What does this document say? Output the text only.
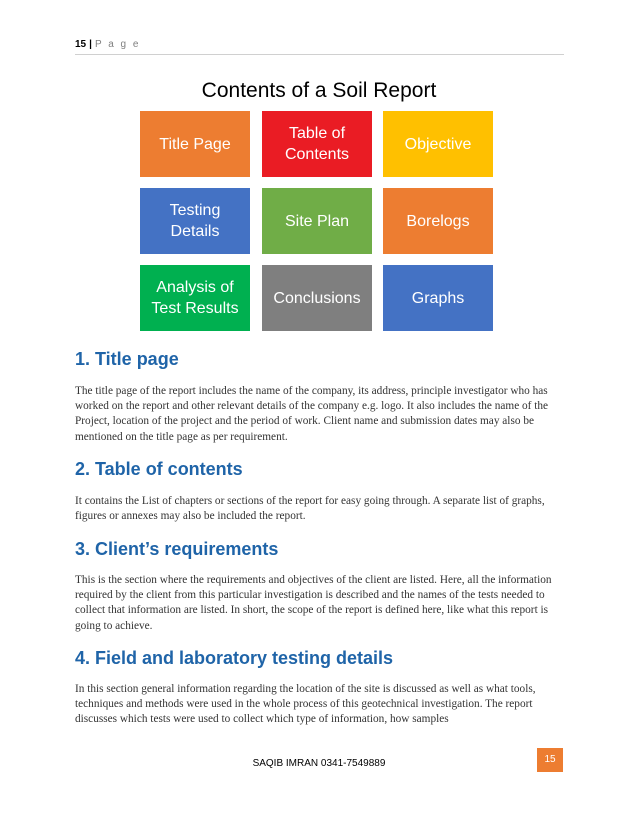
15 | P a g e
Contents of a Soil Report
Title Page
Table of
Contents
Objective
Testing
Details
Site Plan	Borelogs
Analysis of
Test Results
Conclusions	Graphs
1. Title page

The title page of the report includes the name of the company, its address, principle investigator who has worked on the report and other relevant details of the company e.g. logo. It also includes the name of the Project, location of the project and the period of work. Client name and submission dates may also be mentioned on the title page as per requirement.

2. Table of contents

It contains the List of chapters or sections of the report for easy going through. A separate list of graphs, figures or annexes may also be included the report.

3. Client’s requirements

This is the section where the requirements and objectives of the client are listed. Here, all the information required by the client from this particular investigation is described and the names of the tests needed to collect that information are listed. In short, the scope of the report is defined here, like what this report is going to achieve.

4. Field and laboratory testing details

In this section general information regarding the location of the site is discussed as well as what tools, techniques and methods were used in the whole process of this geotechnical investigation. The report discusses which tests were used to collect which type of information, how samples

SAQIB IMRAN 0341-7549889	15
